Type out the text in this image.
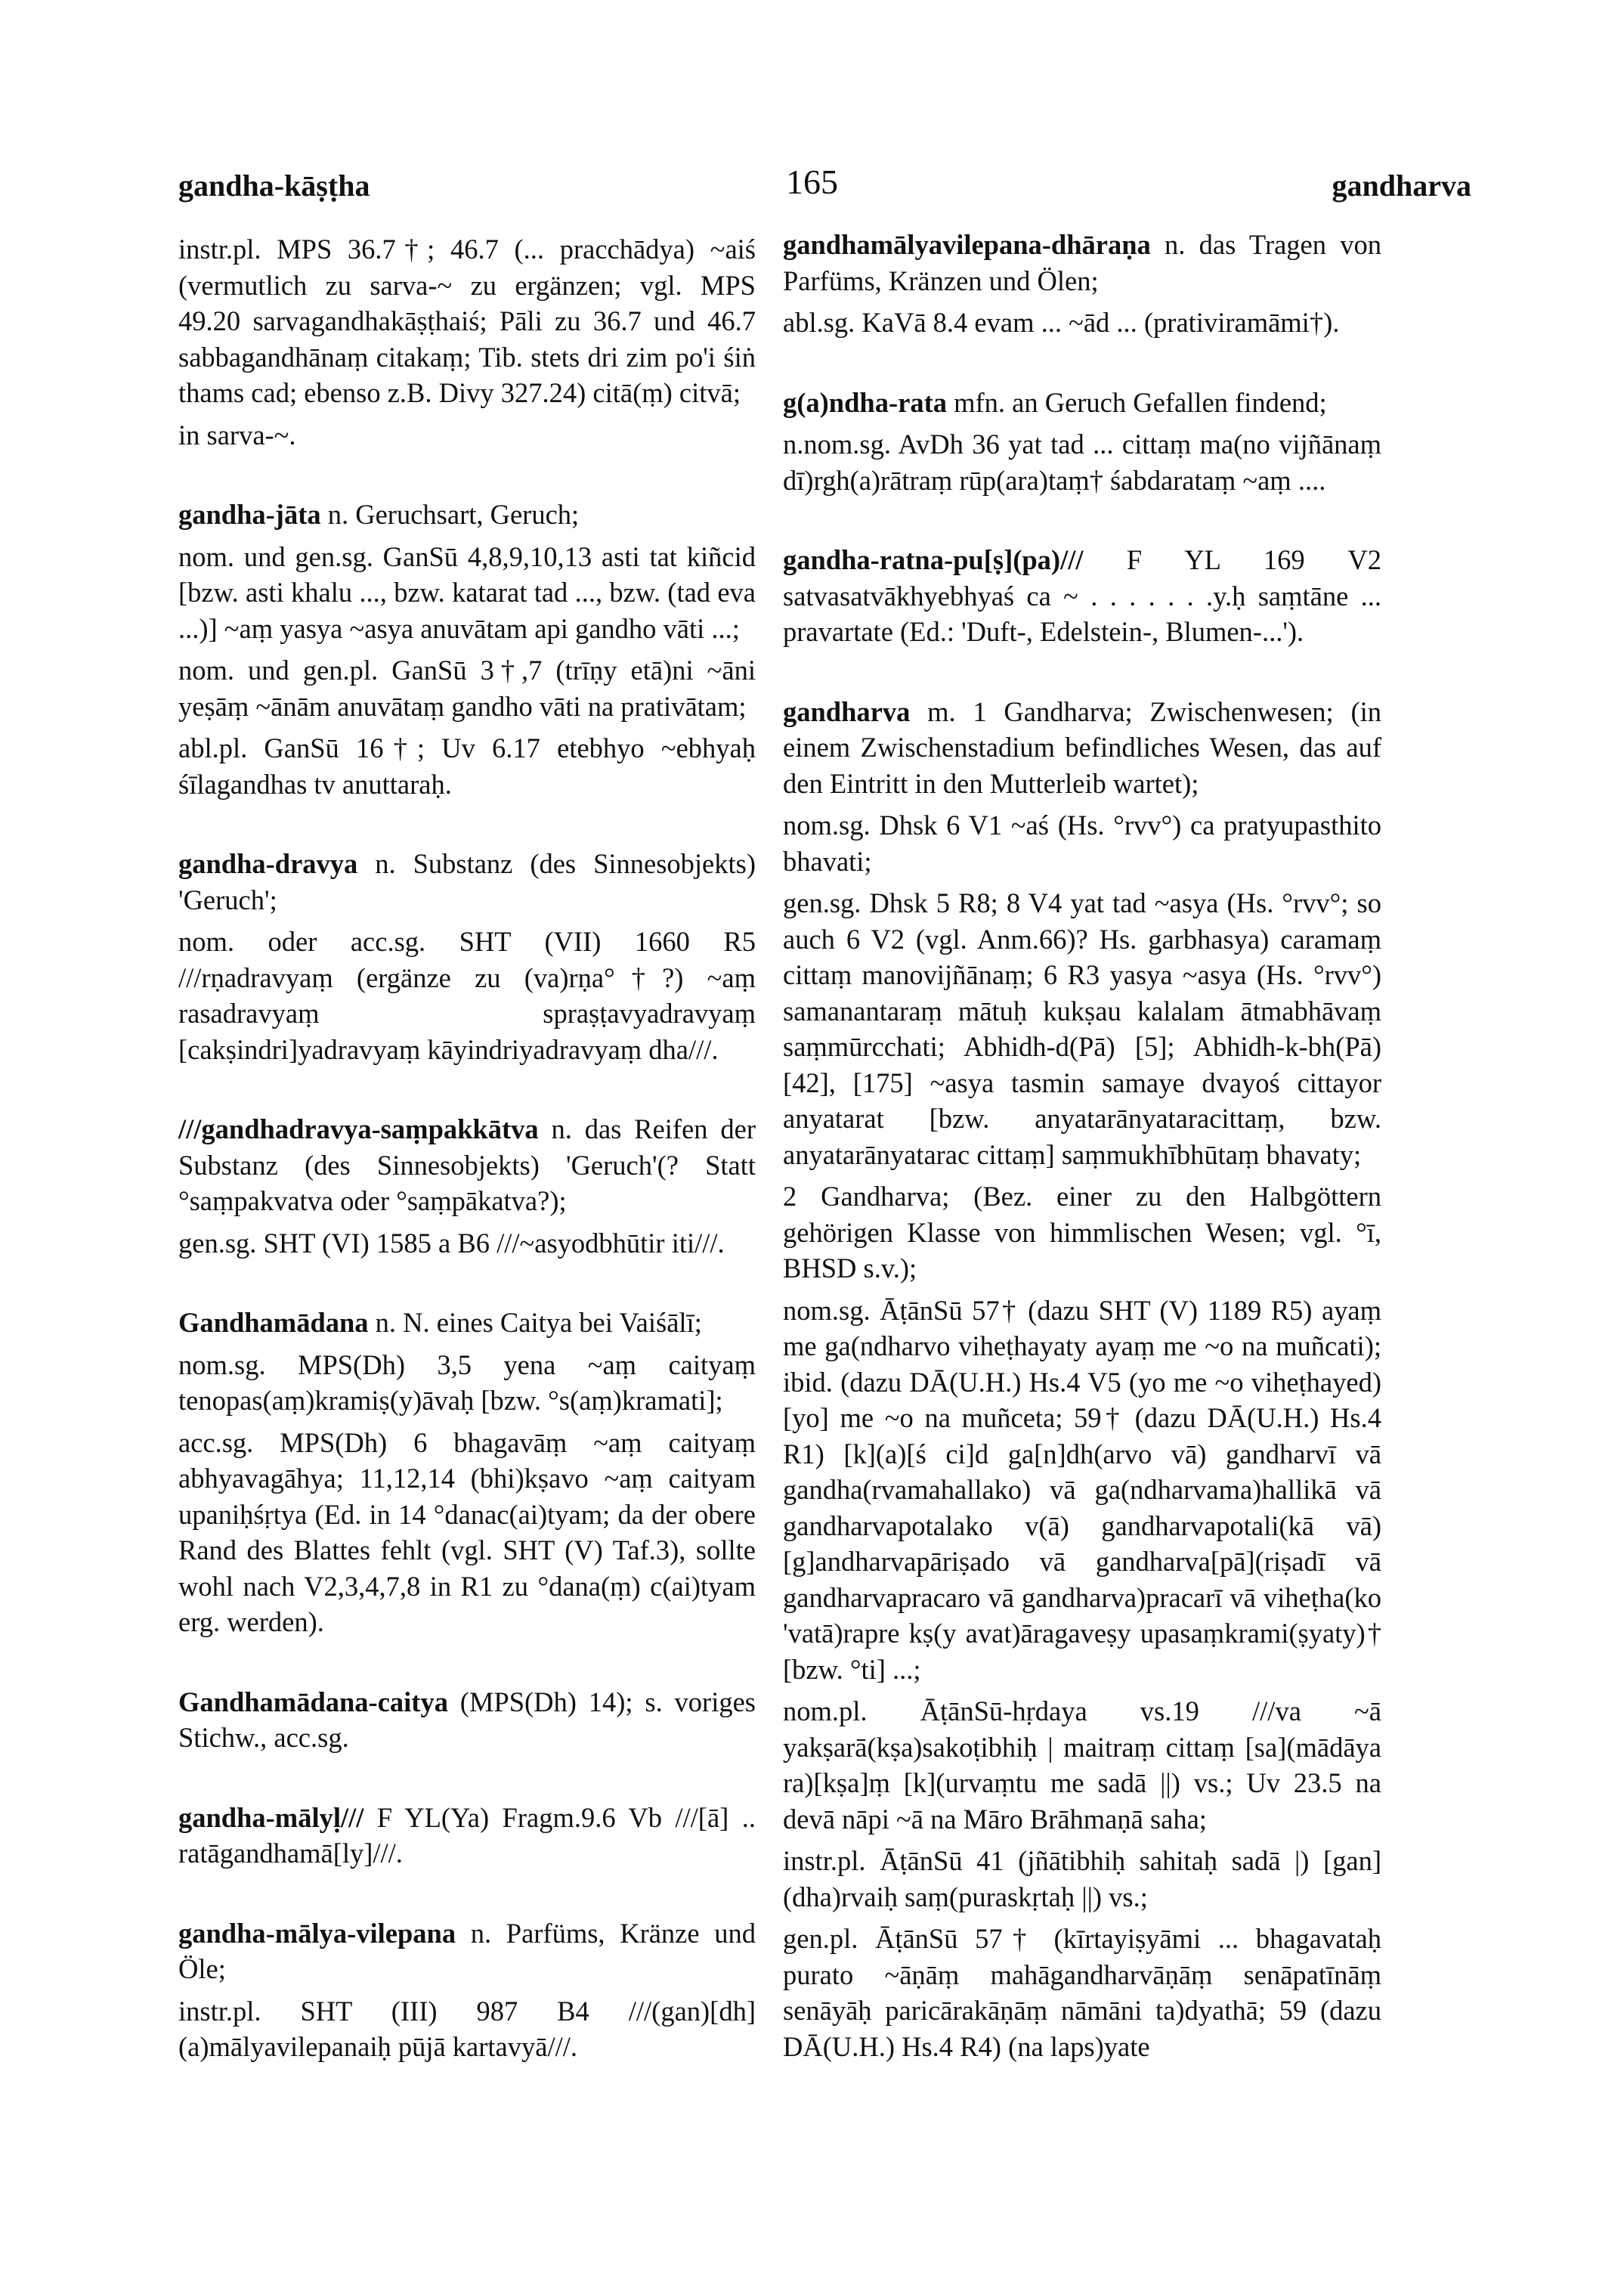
gandha-kāṣṭha	165	gandharva

instr.pl. MPS 36.7†; 46.7 (... pracchādya) ~aiś (vermutlich zu sarva-~ zu ergänzen; vgl. MPS 49.20 sarvagandhakāṣṭhaiś; Pāli zu 36.7 und 46.7 sabbagandhānaṃ citakaṃ; Tib. stets dri zim po'i śiṅ thams cad; ebenso z.B. Divy 327.24) citā(ṃ) citvā;

in sarva-~.

gandha-jāta n. Geruchsart, Geruch;

nom. und gen.sg. GanSū 4,8,9,10,13 asti tat kiñcid [bzw. asti khalu ..., bzw. katarat tad ..., bzw. (tad eva ...)] ~aṃ yasya ~asya anuvātam api gandho vāti ...;

nom. und gen.pl. GanSū 3†,7 (trīṇy etā)ni ~āni yeṣāṃ ~ānām anuvātaṃ gandho vāti na prativātam;

abl.pl. GanSū 16†; Uv 6.17 etebhyo ~ebhyaḥ śīlagandhas tv anuttaraḥ.

gandha-dravya n. Substanz (des Sinnesobjekts) 'Geruch';

nom. oder acc.sg. SHT (VII) 1660 R5 ///rṇadravyaṃ (ergänze zu (va)rṇa°†?) ~aṃ rasadravyaṃ spraṣṭavyadravyaṃ [cakṣindri]yadravyaṃ kāyindriyadravyaṃ dha///.

///gandhadravya-saṃpakkātva n. das Reifen der Substanz (des Sinnesobjekts) 'Geruch'(? Statt °saṃpakvatva oder °saṃpākatva?);

gen.sg. SHT (VI) 1585 a B6 ///~asyodbhūtir iti///.

Gandhamādana n. N. eines Caitya bei Vaiśālī;

nom.sg. MPS(Dh) 3,5 yena ~aṃ caityaṃ tenopas(aṃ)kramiṣ(y)āvaḥ [bzw. °s(aṃ)kramati];

acc.sg. MPS(Dh) 6 bhagavāṃ ~aṃ caityaṃ abhyavagāhya; 11,12,14 (bhi)kṣavo ~aṃ caityam upaniḥśṛtya (Ed. in 14 °danac(ai)tyam; da der obere Rand des Blattes fehlt (vgl. SHT (V) Taf.3), sollte wohl nach V2,3,4,7,8 in R1 zu °dana(ṃ) c(ai)tyam erg. werden).

Gandhamādana-caitya (MPS(Dh) 14); s. voriges Stichw., acc.sg.

gandha-mālyḷ/// F YL(Ya) Fragm.9.6 Vb ///[ā] .. ratāgandhamā[ly]///.

gandha-mālya-vilepana n. Parfüms, Kränze und Öle;

instr.pl. SHT (III) 987 B4 ///(gan)[dh](a)mālyavilepanaiḥ pūjā kartavyā///.

gandhamālyavilepana-dhāraṇa n. das Tragen von Parfüms, Kränzen und Ölen;

abl.sg. KaVā 8.4 evam ... ~ād ... (prativiramāmi†).

g(a)ndha-rata mfn. an Geruch Gefallen findend;

n.nom.sg. AvDh 36 yat tad ... cittaṃ ma(no vijñānaṃ dī)rgh(a)rātraṃ rūp(ara)taṃ† śabdarataṃ ~aṃ ....

gandha-ratna-pu[ṣ](pa)/// F YL 169 V2 satvasatvākhyebhyaś ca ~ . . . . . . .y.ḥ saṃtāne ... pravartate (Ed.: 'Duft-, Edelstein-, Blumen-...').

gandharva m. 1 Gandharva; Zwischenwesen; (in einem Zwischenstadium befindliches Wesen, das auf den Eintritt in den Mutterleib wartet);

nom.sg. Dhsk 6 V1 ~aś (Hs. °rvv°) ca pratyupasthito bhavati;

gen.sg. Dhsk 5 R8; 8 V4 yat tad ~asya (Hs. °rvv°; so auch 6 V2 (vgl. Anm.66)? Hs. garbhasya) caramaṃ cittaṃ manovijñānaṃ; 6 R3 yasya ~asya (Hs. °rvv°) samanantaraṃ mātuḥ kukṣau kalalam ātmabhāvaṃ saṃmūrcchati; Abhidh-d(Pā) [5]; Abhidh-k-bh(Pā) [42], [175] ~asya tasmin samaye dvayoś cittayor anyatarat [bzw. anyatarānyataracittaṃ, bzw. anyatarānyatarac cittaṃ] saṃmukhībhūtaṃ bhavaty;

2 Gandharva; (Bez. einer zu den Halbgöttern gehörigen Klasse von himmlischen Wesen; vgl. °ī, BHSD s.v.);

nom.sg. ĀṭānSū 57† (dazu SHT (V) 1189 R5) ayaṃ me ga(ndharvo viheṭhayaty ayaṃ me ~o na muñcati); ibid. (dazu DĀ(U.H.) Hs.4 V5 (yo me ~o viheṭhayed) [yo] me ~o na muñceta; 59† (dazu DĀ(U.H.) Hs.4 R1) [k](a)[ś ci]d ga[n]dh(arvo vā) gandharvī vā gandha(rvamahallako) vā ga(ndharvama)hallikā vā gandharvapotalako v(ā) gandharvapotali(kā vā) [g]andharvapāriṣado vā gandharva[pā](riṣadī vā gandharvapracaro vā gandharva)pracarī vā viheṭha(ko 'vatā)rapre kṣ(y avat)āragaveṣy upasaṃkrami(ṣyaty)† [bzw. °ti] ...;

nom.pl. ĀṭānSū-hṛdaya vs.19 ///va ~ā yakṣarā(kṣa)sakoṭibhiḥ | maitraṃ cittaṃ [sa](mādāya ra)[kṣa]ṃ [k](urvaṃtu me sadā ||) vs.; Uv 23.5 na devā nāpi ~ā na Māro Brāhmaṇā saha;

instr.pl. ĀṭānSū 41 (jñātibhiḥ sahitaḥ sadā |) [gan](dha)rvaiḥ saṃ(puraskṛtaḥ ||) vs.;

gen.pl. ĀṭānSū 57† (kīrtayiṣyāmi ... bhagavataḥ purato ~āṇāṃ mahāgandharvāṇāṃ senāpatīnāṃ senāyāḥ paricārakāṇāṃ nāmāni ta)dyathā; 59 (dazu DĀ(U.H.) Hs.4 R4) (na laps)yate
